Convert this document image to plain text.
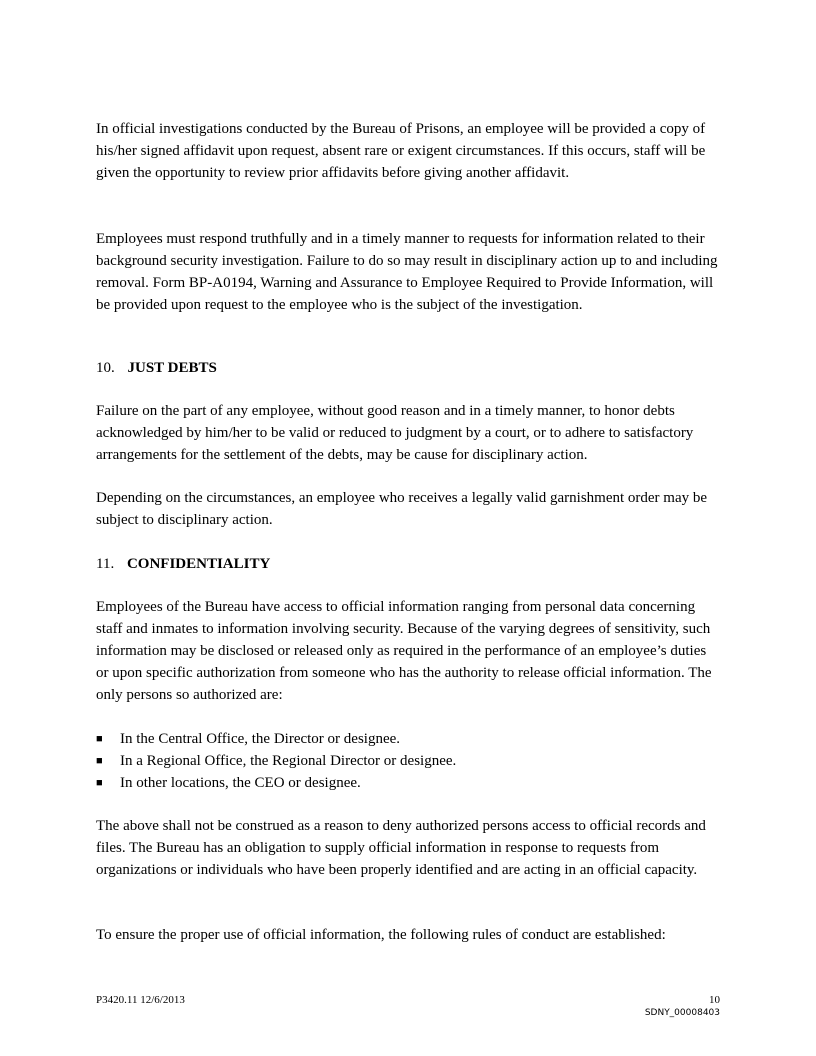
In official investigations conducted by the Bureau of Prisons, an employee will be provided a copy of his/her signed affidavit upon request, absent rare or exigent circumstances. If this occurs, staff will be given the opportunity to review prior affidavits before giving another affidavit.

Employees must respond truthfully and in a timely manner to requests for information related to their background security investigation. Failure to do so may result in disciplinary action up to and including removal. Form BP-A0194, Warning and Assurance to Employee Required to Provide Information, will be provided upon request to the employee who is the subject of the investigation.

10. JUST DEBTS

Failure on the part of any employee, without good reason and in a timely manner, to honor debts acknowledged by him/her to be valid or reduced to judgment by a court, or to adhere to satisfactory arrangements for the settlement of the debts, may be cause for disciplinary action.

Depending on the circumstances, an employee who receives a legally valid garnishment order may be subject to disciplinary action.

11. CONFIDENTIALITY

Employees of the Bureau have access to official information ranging from personal data concerning staff and inmates to information involving security. Because of the varying degrees of sensitivity, such information may be disclosed or released only as required in the performance of an employee’s duties or upon specific authorization from someone who has the authority to release official information. The only persons so authorized are:

■ In the Central Office, the Director or designee.
■ In a Regional Office, the Regional Director or designee.
■ In other locations, the CEO or designee.

The above shall not be construed as a reason to deny authorized persons access to official records and files. The Bureau has an obligation to supply official information in response to requests from organizations or individuals who have been properly identified and are acting in an official capacity.

To ensure the proper use of official information, the following rules of conduct are established:

P3420.11 12/6/2013	10
SDNY_00008403
